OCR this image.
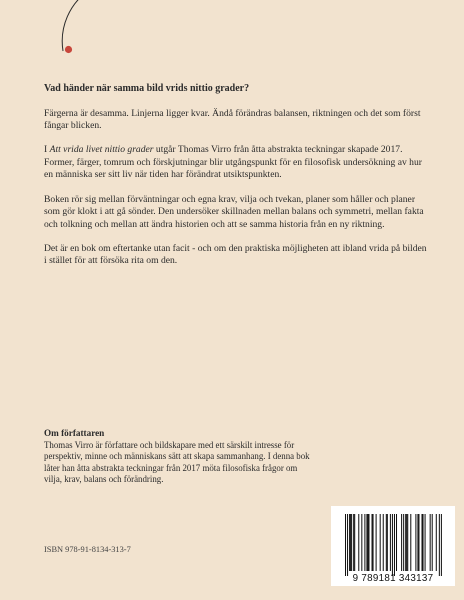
Vad händer när samma bild vrids nittio grader?

Färgerna är desamma. Linjerna ligger kvar. Ändå förändras balansen, riktningen och det som först fångar blicken.

I Att vrida livet nittio grader utgår Thomas Virro från åtta abstrakta teckningar skapade 2017. Former, färger, tomrum och förskjutningar blir utgångspunkt för en filosofisk undersökning av hur en människa ser sitt liv när tiden har förändrat utsiktspunkten.

Boken rör sig mellan förväntningar och egna krav, vilja och tvekan, planer som håller och planer som gör klokt i att gå sönder. Den undersöker skillnaden mellan balans och symmetri, mellan fakta och tolkning och mellan att ändra historien och att se samma historia från en ny riktning.

Det är en bok om eftertanke utan facit - och om den praktiska möjligheten att ibland vrida på bilden i stället för att försöka rita om den.

Om författaren
Thomas Virro är författare och bildskapare med ett särskilt intresse för perspektiv, minne och människans sätt att skapa sammanhang. I denna bok låter han åtta abstrakta teckningar från 2017 möta filosofiska frågor om vilja, krav, balans och förändring.
ISBN 978-91-8134-313-7
9 789181 343137
